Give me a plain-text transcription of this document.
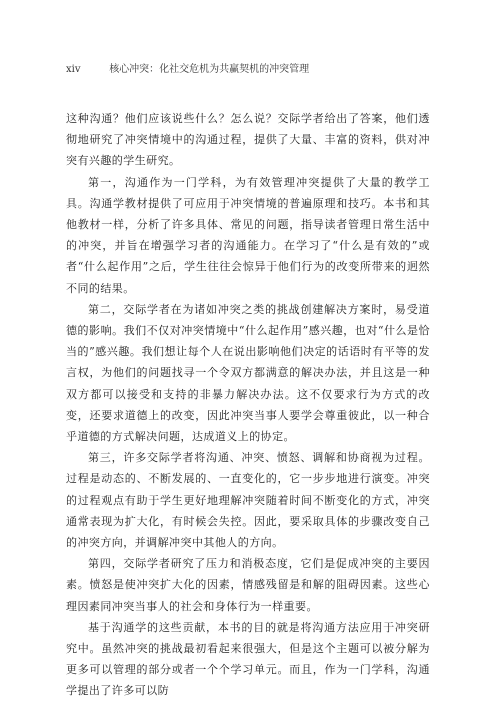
xiv	核心冲突：化社交危机为共赢契机的冲突管理

这种沟通？他们应该说些什么？怎么说？交际学者给出了答案，他们透彻地研究了冲突情境中的沟通过程，提供了大量、丰富的资料，供对冲突有兴趣的学生研究。

第一，沟通作为一门学科，为有效管理冲突提供了大量的教学工具。沟通学教材提供了可应用于冲突情境的普遍原理和技巧。本书和其他教材一样，分析了许多具体、常见的问题，指导读者管理日常生活中的冲突，并旨在增强学习者的沟通能力。在学习了“什么是有效的”或者“什么起作用”之后，学生往往会惊异于他们行为的改变所带来的迥然不同的结果。

第二，交际学者在为诸如冲突之类的挑战创建解决方案时，易受道德的影响。我们不仅对冲突情境中“什么起作用”感兴趣，也对“什么是恰当的”感兴趣。我们想让每个人在说出影响他们决定的话语时有平等的发言权，为他们的问题找寻一个令双方都满意的解决办法，并且这是一种双方都可以接受和支持的非暴力解决办法。这不仅要求行为方式的改变，还要求道德上的改变，因此冲突当事人要学会尊重彼此，以一种合乎道德的方式解决问题，达成道义上的协定。

第三，许多交际学者将沟通、冲突、愤怒、调解和协商视为过程。过程是动态的、不断发展的、一直变化的，它一步步地进行演变。冲突的过程观点有助于学生更好地理解冲突随着时间不断变化的方式，冲突通常表现为扩大化，有时候会失控。因此，要采取具体的步骤改变自己的冲突方向，并调解冲突中其他人的方向。

第四，交际学者研究了压力和消极态度，它们是促成冲突的主要因素。愤怒是使冲突扩大化的因素，情感残留是和解的阻碍因素。这些心理因素同冲突当事人的社会和身体行为一样重要。

基于沟通学的这些贡献，本书的目的就是将沟通方法应用于冲突研究中。虽然冲突的挑战最初看起来很强大，但是这个主题可以被分解为更多可以管理的部分或者一个个学习单元。而且，作为一门学科，沟通学提出了许多可以防
